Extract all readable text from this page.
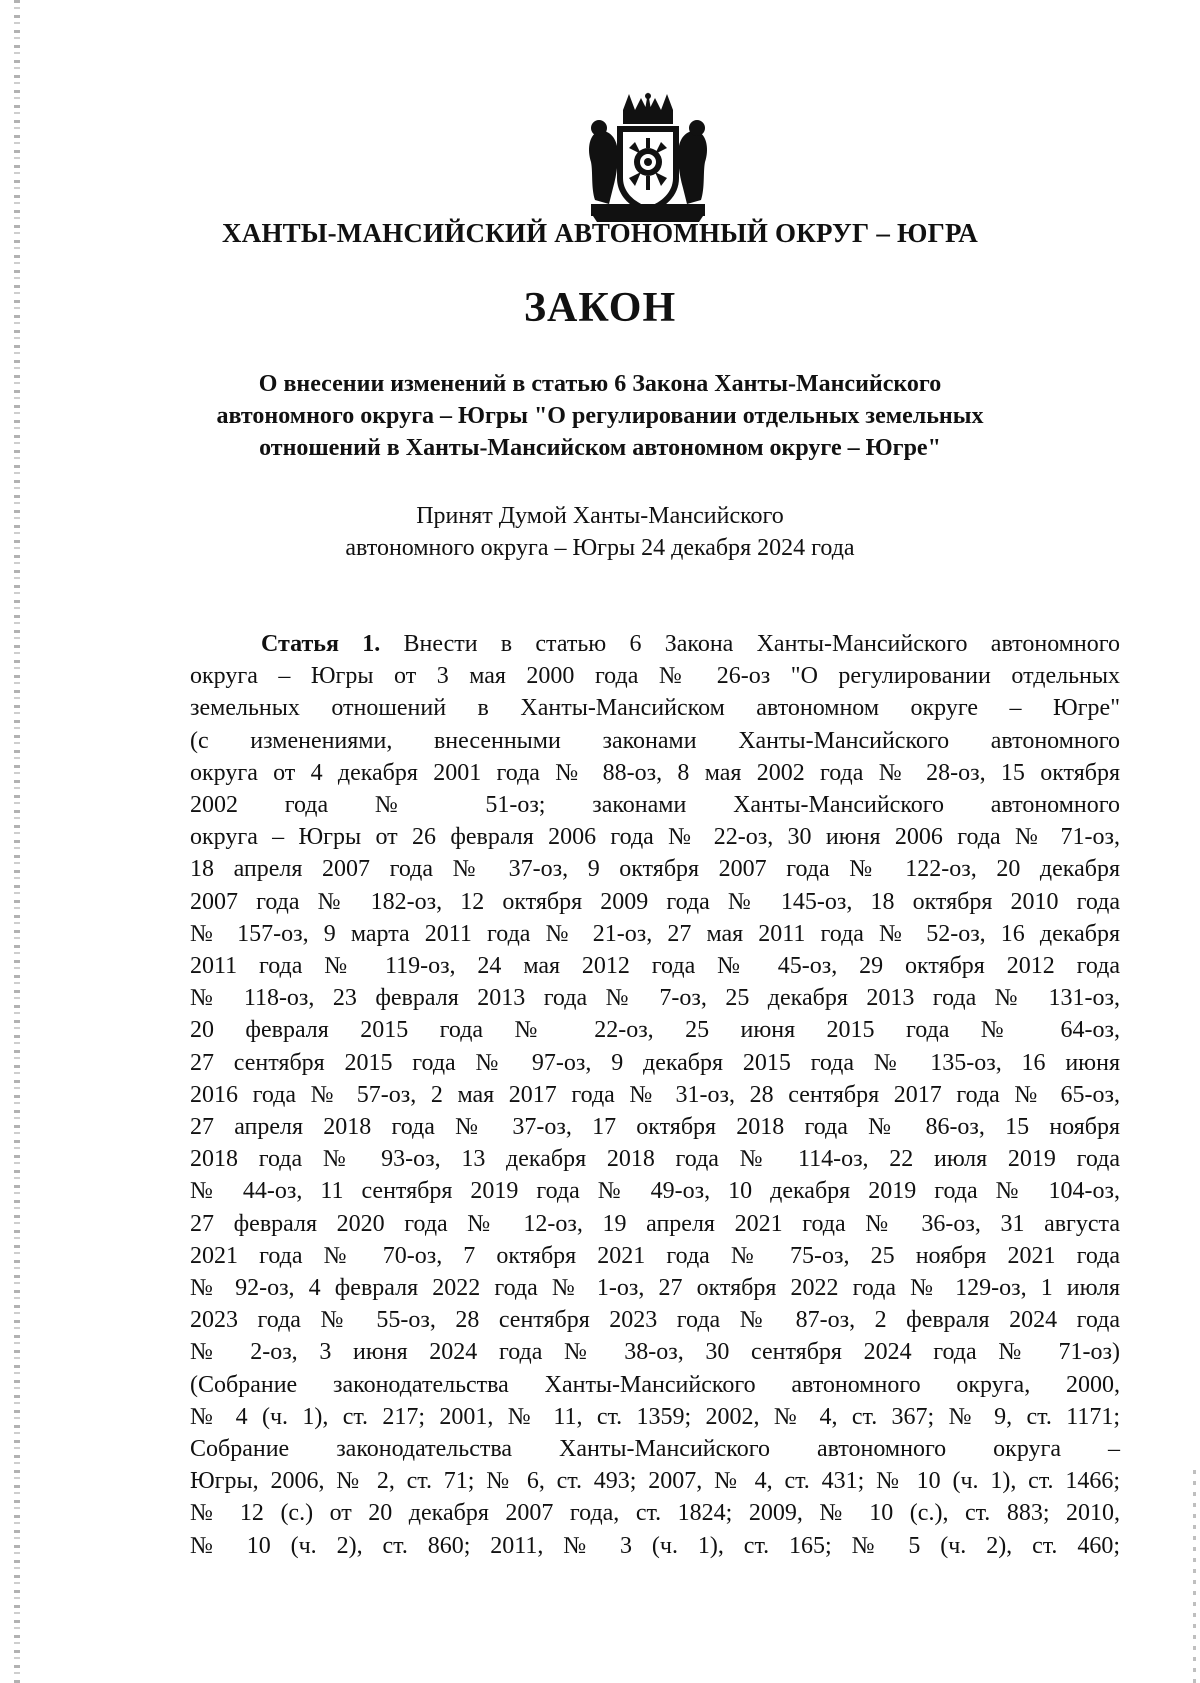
ХАНТЫ-МАНСИЙСКИЙ АВТОНОМНЫЙ ОКРУГ – ЮГРА
ЗАКОН
О внесении изменений в статью 6 Закона Ханты-Мансийского
автономного округа – Югры "О регулировании отдельных земельных
отношений в Ханты-Мансийском автономном округе – Югре"
Принят Думой Ханты-Мансийского
автономного округа – Югры 24 декабря 2024 года
Статья 1. Внести в статью 6 Закона Ханты-Мансийского автономного
округа – Югры от 3 мая 2000 года № 26-оз "О регулировании отдельных
земельных отношений в Ханты-Мансийском автономном округе – Югре"
(с изменениями, внесенными законами Ханты-Мансийского автономного
округа от 4 декабря 2001 года № 88-оз, 8 мая 2002 года № 28-оз, 15 октября
2002 года № 51-оз; законами Ханты-Мансийского автономного
округа – Югры от 26 февраля 2006 года № 22-оз, 30 июня 2006 года № 71-оз,
18 апреля 2007 года № 37-оз, 9 октября 2007 года № 122-оз, 20 декабря
2007 года № 182-оз, 12 октября 2009 года № 145-оз, 18 октября 2010 года
№ 157-оз, 9 марта 2011 года № 21-оз, 27 мая 2011 года № 52-оз, 16 декабря
2011 года № 119-оз, 24 мая 2012 года № 45-оз, 29 октября 2012 года
№ 118-оз, 23 февраля 2013 года № 7-оз, 25 декабря 2013 года № 131-оз,
20 февраля 2015 года № 22-оз, 25 июня 2015 года № 64-оз,
27 сентября 2015 года № 97-оз, 9 декабря 2015 года № 135-оз, 16 июня
2016 года № 57-оз, 2 мая 2017 года № 31-оз, 28 сентября 2017 года № 65-оз,
27 апреля 2018 года № 37-оз, 17 октября 2018 года № 86-оз, 15 ноября
2018 года № 93-оз, 13 декабря 2018 года № 114-оз, 22 июля 2019 года
№ 44-оз, 11 сентября 2019 года № 49-оз, 10 декабря 2019 года № 104-оз,
27 февраля 2020 года № 12-оз, 19 апреля 2021 года № 36-оз, 31 августа
2021 года № 70-оз, 7 октября 2021 года № 75-оз, 25 ноября 2021 года
№ 92-оз, 4 февраля 2022 года № 1-оз, 27 октября 2022 года № 129-оз, 1 июля
2023 года № 55-оз, 28 сентября 2023 года № 87-оз, 2 февраля 2024 года
№ 2-оз, 3 июня 2024 года № 38-оз, 30 сентября 2024 года № 71-оз)
(Собрание законодательства Ханты-Мансийского автономного округа, 2000,
№ 4 (ч. 1), ст. 217; 2001, № 11, ст. 1359; 2002, № 4, ст. 367; № 9, ст. 1171;
Собрание законодательства Ханты-Мансийского автономного округа –
Югры, 2006, № 2, ст. 71; № 6, ст. 493; 2007, № 4, ст. 431; № 10 (ч. 1), ст. 1466;
№ 12 (с.) от 20 декабря 2007 года, ст. 1824; 2009, № 10 (с.), ст. 883; 2010,
№ 10 (ч. 2), ст. 860; 2011, № 3 (ч. 1), ст. 165; № 5 (ч. 2), ст. 460;
